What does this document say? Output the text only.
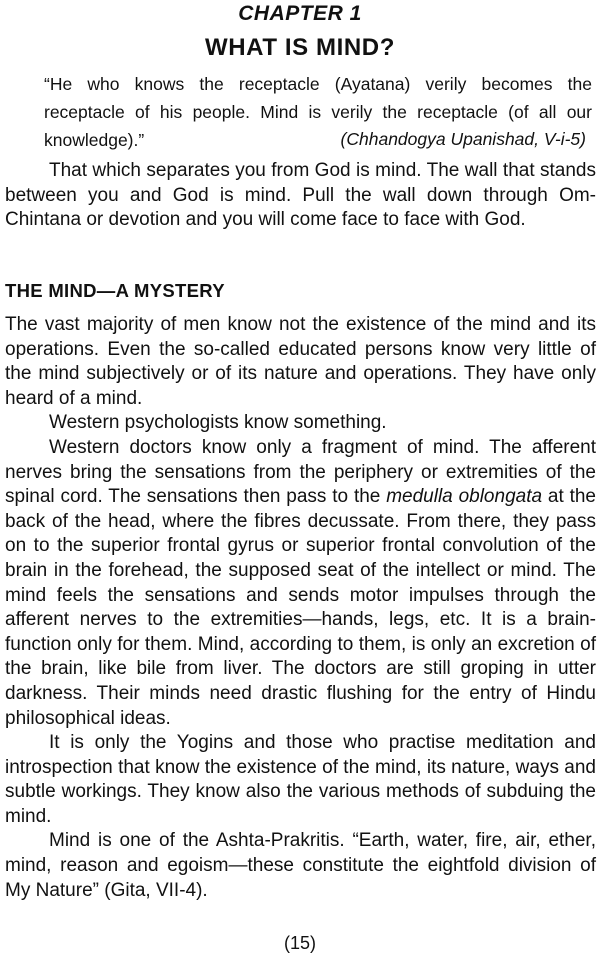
CHAPTER 1
WHAT IS MIND?
“He who knows the receptacle (Ayatana) verily becomes the receptacle of his people. Mind is verily the receptacle (of all our knowledge).”	(Chhandogya Upanishad, V-i-5)
That which separates you from God is mind. The wall that stands between you and God is mind. Pull the wall down through Om-Chintana or devotion and you will come face to face with God.
THE MIND—A MYSTERY

The vast majority of men know not the existence of the mind and its operations. Even the so-called educated persons know very little of the mind subjectively or of its nature and operations. They have only heard of a mind.

Western psychologists know something.

Western doctors know only a fragment of mind. The afferent nerves bring the sensations from the periphery or extremities of the spinal cord. The sensations then pass to the medulla oblongata at the back of the head, where the fibres decussate. From there, they pass on to the superior frontal gyrus or superior frontal convolution of the brain in the forehead, the supposed seat of the intellect or mind. The mind feels the sensations and sends motor impulses through the afferent nerves to the extremities—hands, legs, etc. It is a brain-function only for them. Mind, according to them, is only an excretion of the brain, like bile from liver. The doctors are still groping in utter darkness. Their minds need drastic flushing for the entry of Hindu philosophical ideas.

It is only the Yogins and those who practise meditation and introspection that know the existence of the mind, its nature, ways and subtle workings. They know also the various methods of subduing the mind.

Mind is one of the Ashta-Prakritis. “Earth, water, fire, air, ether, mind, reason and egoism—these constitute the eightfold division of My Nature” (Gita, VII-4).

(15)
